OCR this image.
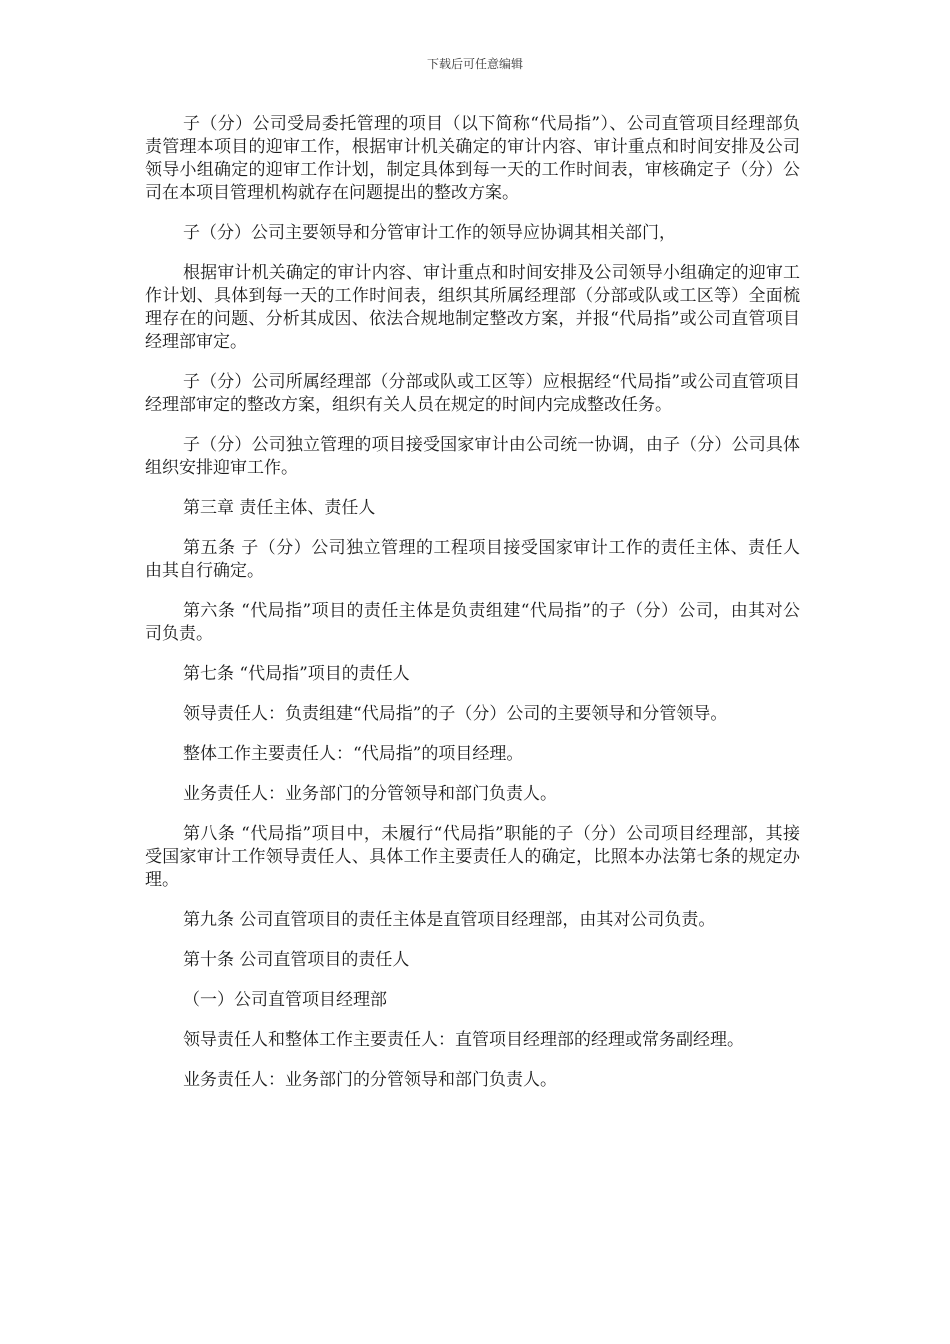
下载后可任意编辑

子（分）公司受局委托管理的项目（以下简称“代局指”）、公司直管项目经理部负责管理本项目的迎审工作，根据审计机关确定的审计内容、审计重点和时间安排及公司领导小组确定的迎审工作计划，制定具体到每一天的工作时间表，审核确定子（分）公司在本项目管理机构就存在问题提出的整改方案。

子（分）公司主要领导和分管审计工作的领导应协调其相关部门，

根据审计机关确定的审计内容、审计重点和时间安排及公司领导小组确定的迎审工作计划、具体到每一天的工作时间表，组织其所属经理部（分部或队或工区等）全面梳理存在的问题、分析其成因、依法合规地制定整改方案，并报“代局指”或公司直管项目经理部审定。

子（分）公司所属经理部（分部或队或工区等）应根据经“代局指”或公司直管项目经理部审定的整改方案，组织有关人员在规定的时间内完成整改任务。

子（分）公司独立管理的项目接受国家审计由公司统一协调，由子（分）公司具体组织安排迎审工作。

第三章 责任主体、责任人

第五条 子（分）公司独立管理的工程项目接受国家审计工作的责任主体、责任人由其自行确定。

第六条 “代局指”项目的责任主体是负责组建“代局指”的子（分）公司，由其对公司负责。

第七条 “代局指”项目的责任人

领导责任人：负责组建“代局指”的子（分）公司的主要领导和分管领导。

整体工作主要责任人：“代局指”的项目经理。

业务责任人：业务部门的分管领导和部门负责人。

第八条 “代局指”项目中，未履行“代局指”职能的子（分）公司项目经理部，其接受国家审计工作领导责任人、具体工作主要责任人的确定，比照本办法第七条的规定办理。

第九条 公司直管项目的责任主体是直管项目经理部，由其对公司负责。

第十条 公司直管项目的责任人

（一）公司直管项目经理部

领导责任人和整体工作主要责任人：直管项目经理部的经理或常务副经理。

业务责任人：业务部门的分管领导和部门负责人。
